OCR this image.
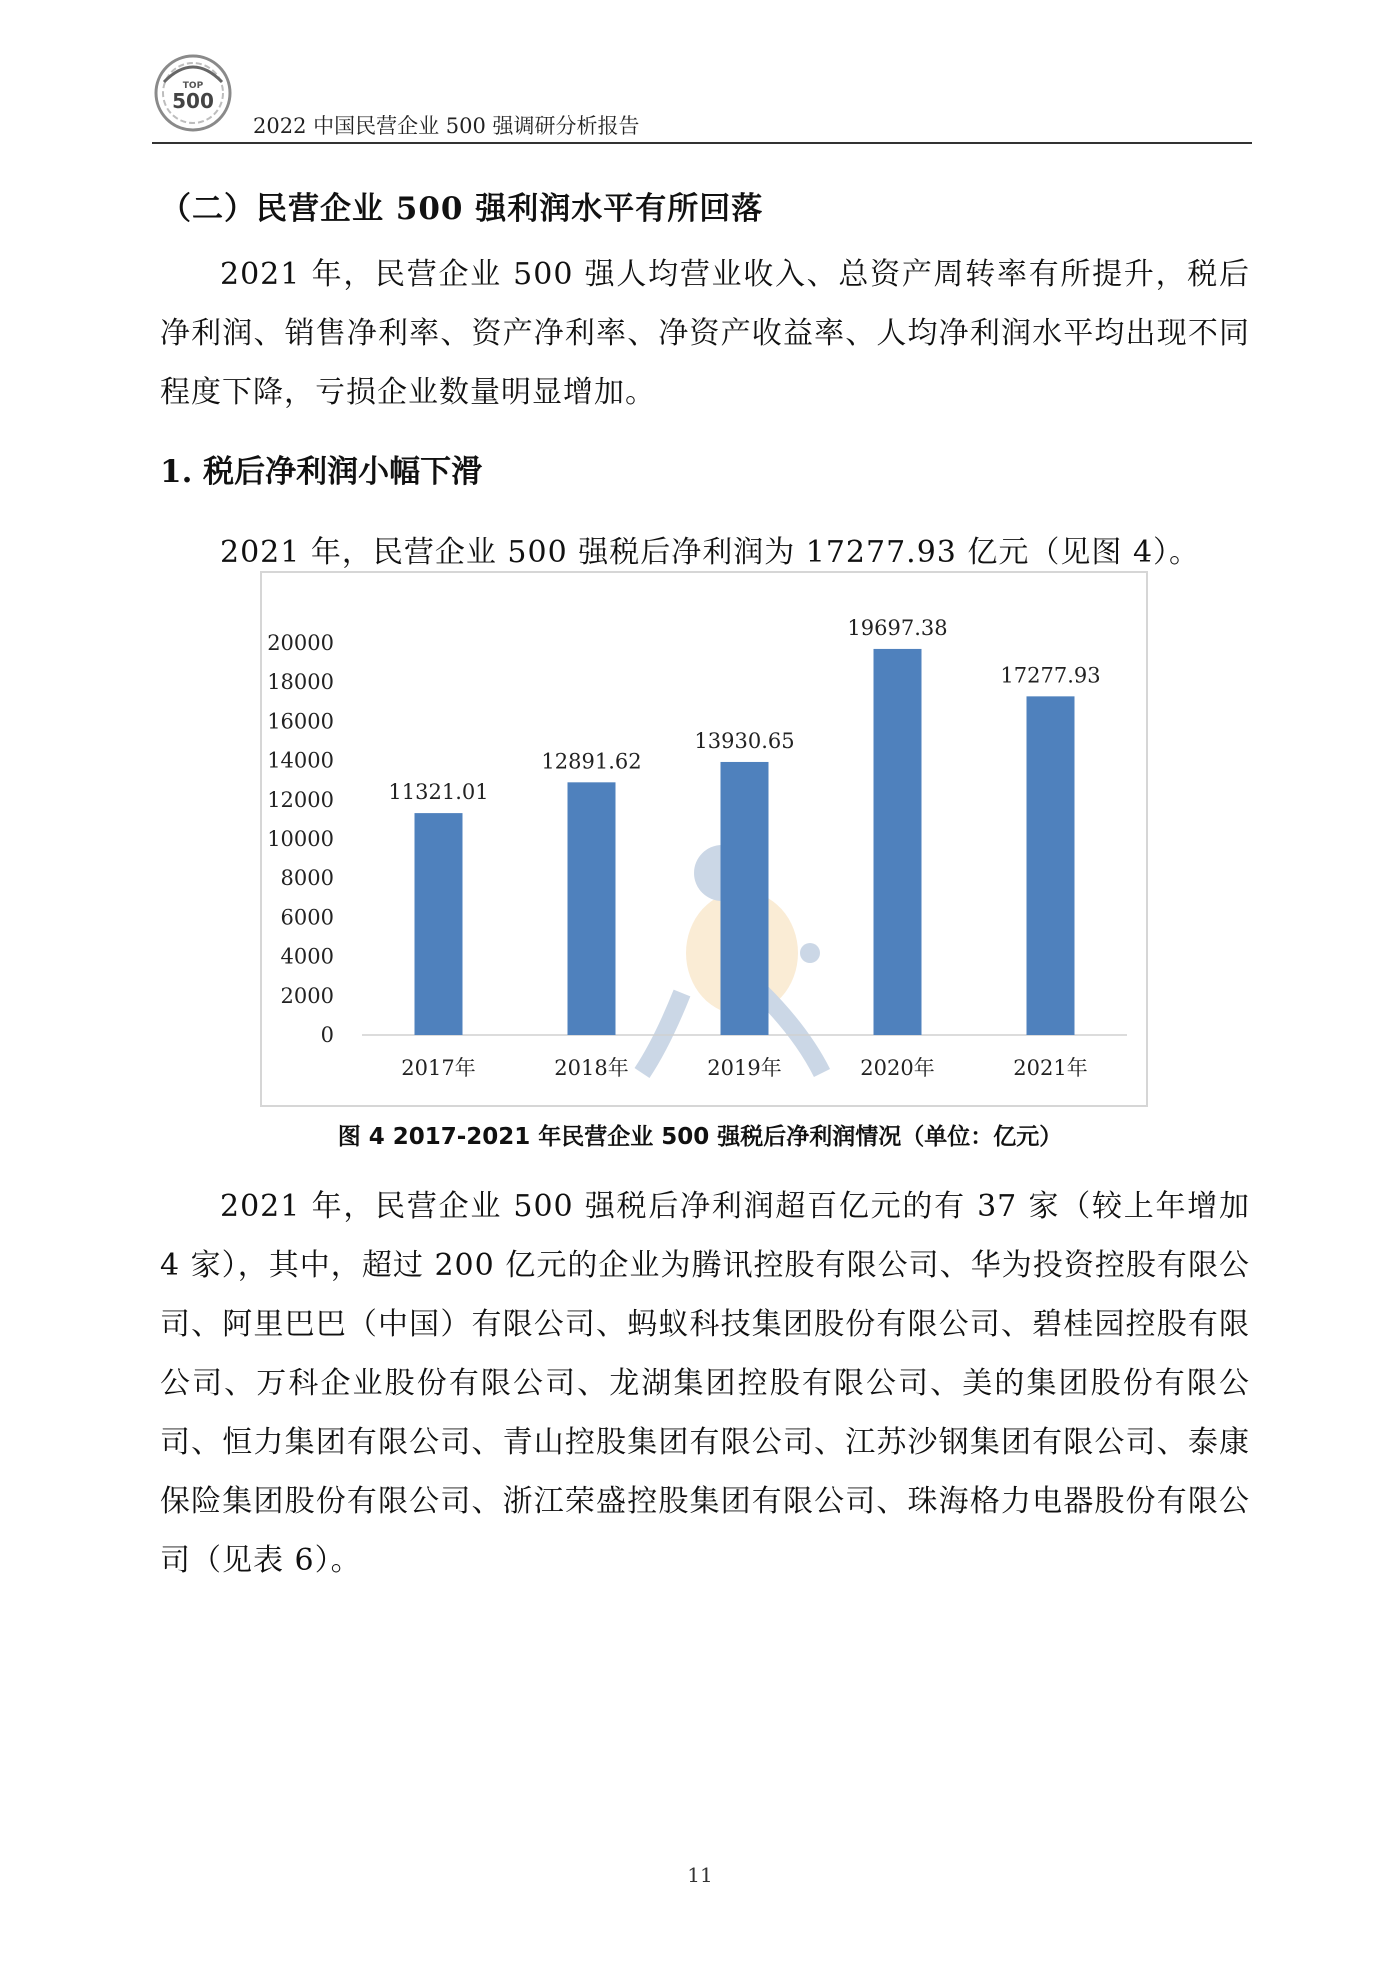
TOP
500
2022 中国民营企业 500 强调研分析报告
（二）民营企业 500 强利润水平有所回落
2021 年，民营企业 500 强人均营业收入、总资产周转率有所提升，税后净利润、销售净利率、资产净利率、净资产收益率、人均净利润水平均出现不同程度下降，亏损企业数量明显增加。
1. 税后净利润小幅下滑
2021 年，民营企业 500 强税后净利润为 17277.93 亿元（见图 4）。
0
2000
4000
6000
8000
10000
12000
14000
16000
18000
20000
11321.01
12891.62
13930.65
19697.38
17277.93
2017年	2018年	2019年	2020年	2021年
图 4 2017-2021 年民营企业 500 强税后净利润情况（单位：亿元）
2021 年，民营企业 500 强税后净利润超百亿元的有 37 家（较上年增加 4 家），其中，超过 200 亿元的企业为腾讯控股有限公司、华为投资控股有限公司、阿里巴巴（中国）有限公司、蚂蚁科技集团股份有限公司、碧桂园控股有限公司、万科企业股份有限公司、龙湖集团控股有限公司、美的集团股份有限公司、恒力集团有限公司、青山控股集团有限公司、江苏沙钢集团有限公司、泰康保险集团股份有限公司、浙江荣盛控股集团有限公司、珠海格力电器股份有限公司（见表 6）。
11
